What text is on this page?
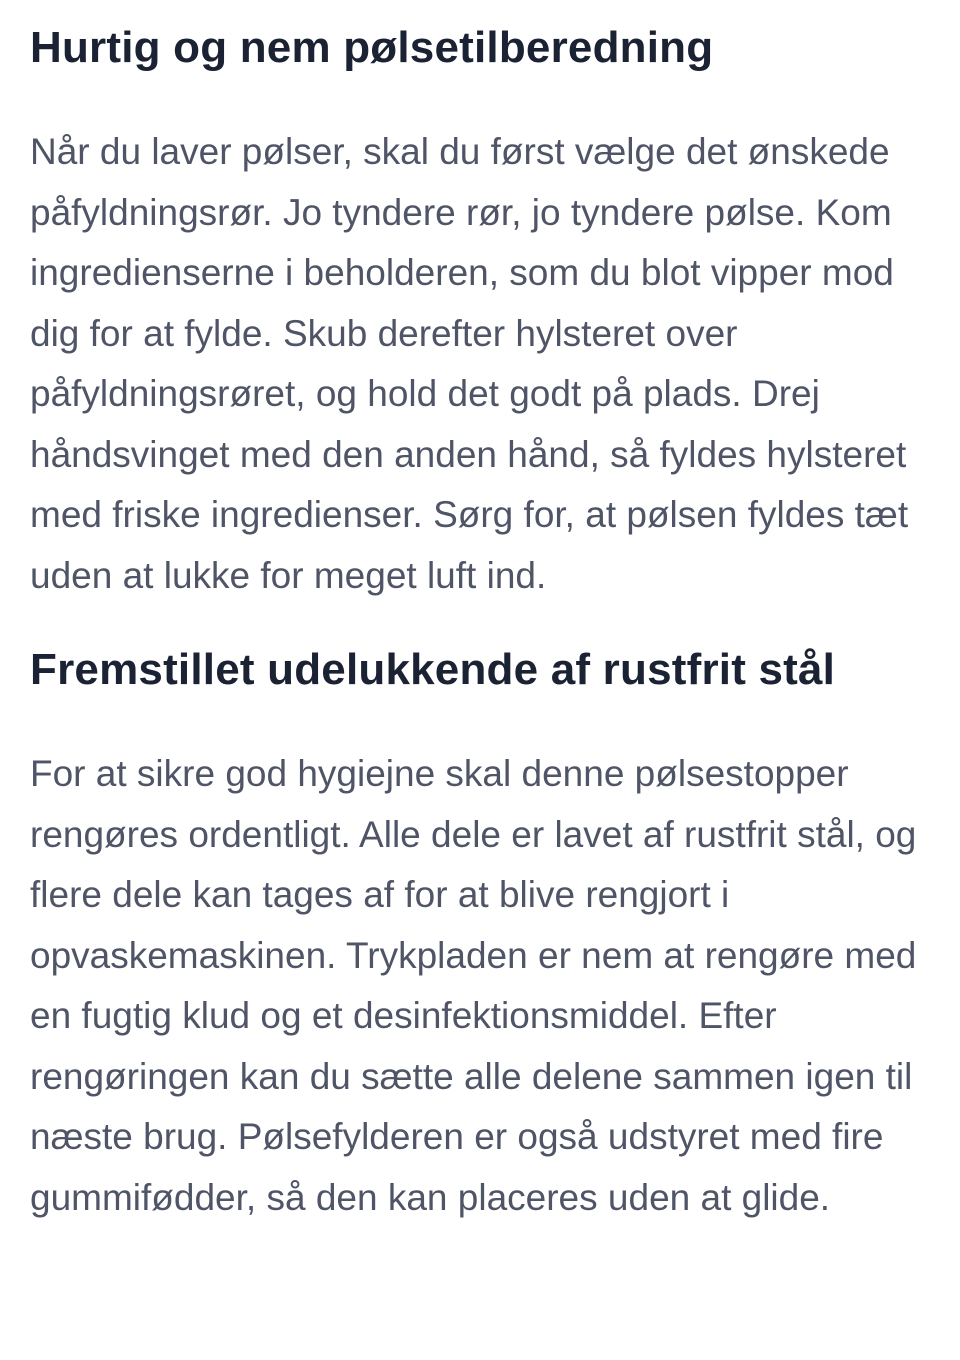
Hurtig og nem pølsetilberedning

Når du laver pølser, skal du først vælge det ønskede påfyldningsrør. Jo tyndere rør, jo tyndere pølse. Kom ingredienserne i beholderen, som du blot vipper mod dig for at fylde. Skub derefter hylsteret over påfyldningsrøret, og hold det godt på plads. Drej håndsvinget med den anden hånd, så fyldes hylsteret med friske ingredienser. Sørg for, at pølsen fyldes tæt uden at lukke for meget luft ind.

Fremstillet udelukkende af rustfrit stål

For at sikre god hygiejne skal denne pølsestopper rengøres ordentligt. Alle dele er lavet af rustfrit stål, og flere dele kan tages af for at blive rengjort i opvaskemaskinen. Trykpladen er nem at rengøre med en fugtig klud og et desinfektionsmiddel. Efter rengøringen kan du sætte alle delene sammen igen til næste brug. Pølsefylderen er også udstyret med fire gummifødder, så den kan placeres uden at glide.
